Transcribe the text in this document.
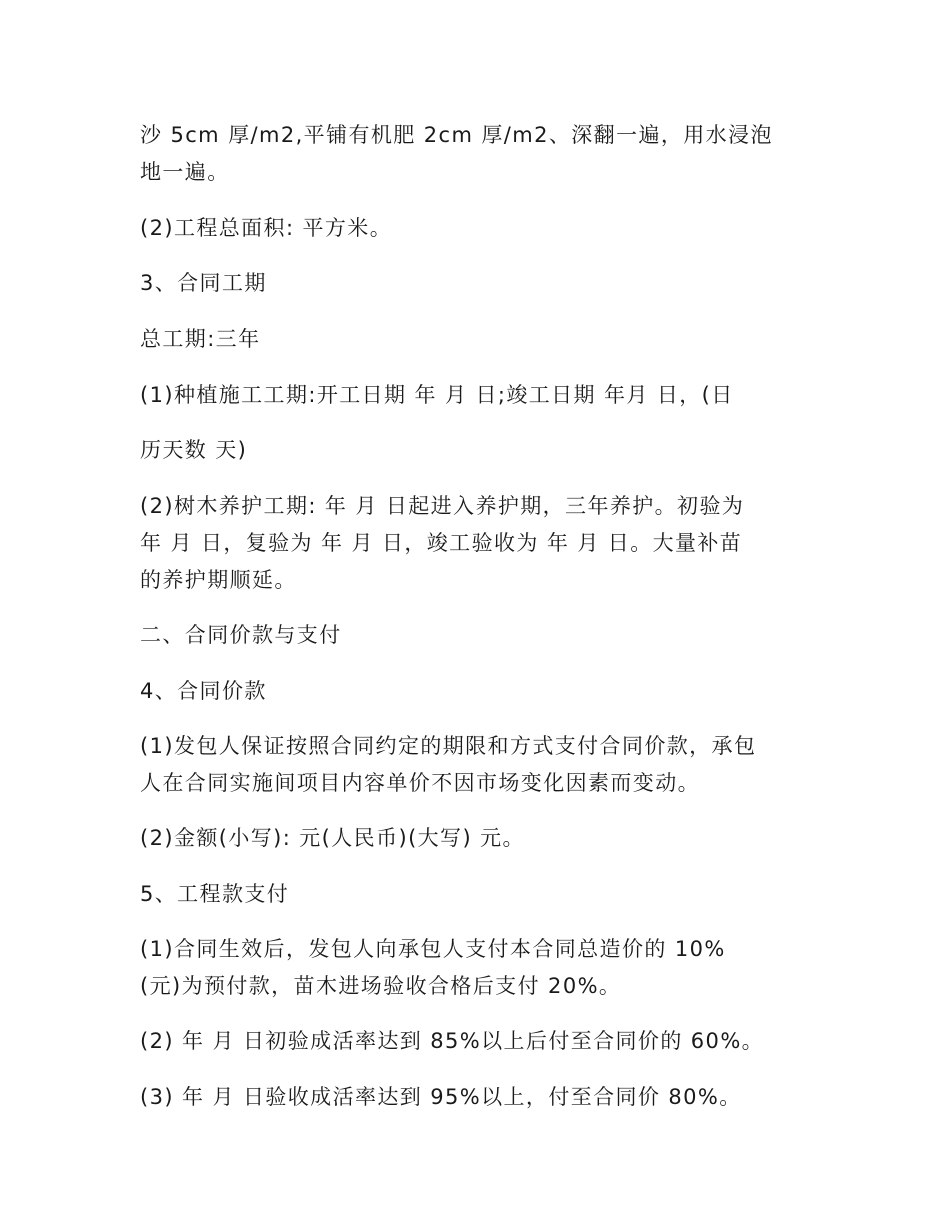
沙 5cm 厚/m2,平铺有机肥 2cm 厚/m2、深翻一遍，用水浸泡
地一遍。

(2)工程总面积: 平方米。

3、合同工期

总工期:三年

(1)种植施工工期:开工日期 年 月 日;竣工日期 年月 日，(日

历天数 天)

(2)树木养护工期: 年 月 日起进入养护期，三年养护。初验为
年 月 日，复验为 年 月 日，竣工验收为 年 月 日。大量补苗
的养护期顺延。

二、合同价款与支付

4、合同价款

(1)发包人保证按照合同约定的期限和方式支付合同价款，承包
人在合同实施间项目内容单价不因市场变化因素而变动。

(2)金额(小写): 元(人民币)(大写) 元。

5、工程款支付

(1)合同生效后，发包人向承包人支付本合同总造价的 10%
(元)为预付款，苗木进场验收合格后支付 20%。

(2) 年 月 日初验成活率达到 85%以上后付至合同价的 60%。

(3) 年 月 日验收成活率达到 95%以上，付至合同价 80%。
